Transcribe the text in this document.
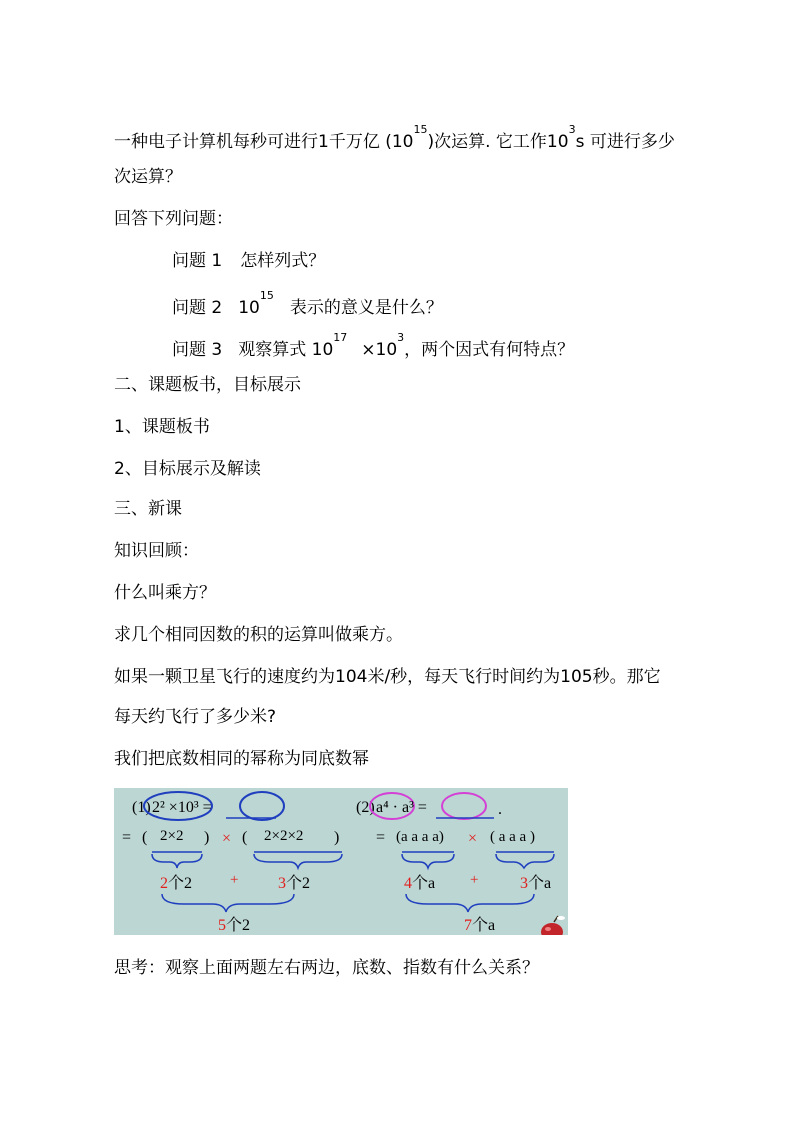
一种电子计算机每秒可进行1千万亿 $(10^{15})$次运算. 它工作$10^3s$ 可进行多少
次运算？
回答下列问题：
问题 1 怎样列式？
问题 2 $10^{15}$表示的意义是什么？
问题 3 观察算式 $10^{17}\times 10^3$，两个因式有何特点？
二、课题板书，目标展示
1、课题板书
2、目标展示及解读
三、新课
知识回顾：
什么叫乘方？
求几个相同因数的积的运算叫做乘方。
如果一颗卫星飞行的速度约为104米/秒，每天飞行时间约为105秒。那它
每天约飞行了多少米?
我们把底数相同的幂称为同底数幂
(1) 2² ×10³ =
= ( 2×2 ) × ( 2×2×2 )
2个2	+ 3个2
5个2
(2) a⁴ · a³ =	.
= (a a a a) × ( a a a )
4个a +	3个a
7个a
思考：观察上面两题左右两边，底数、指数有什么关系？
